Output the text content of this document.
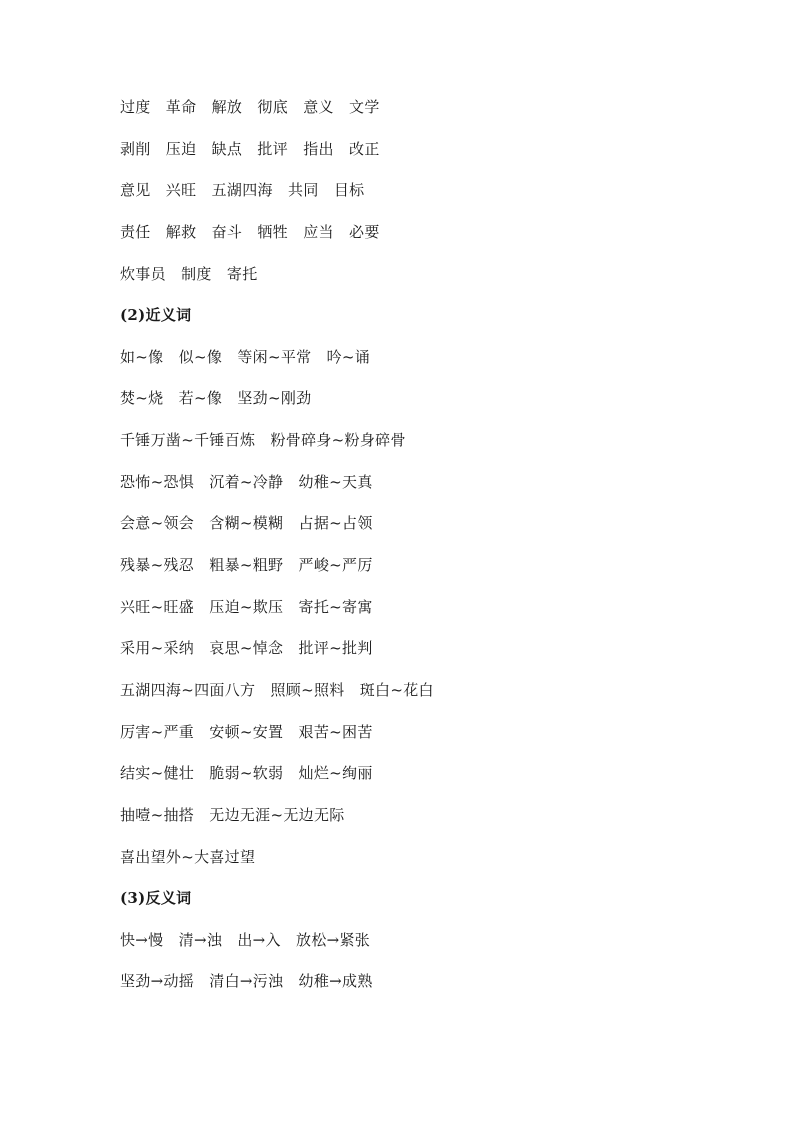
过度   革命   解放   彻底   意义   文学
剥削   压迫   缺点   批评   指出   改正
意见   兴旺   五湖四海   共同   目标
责任   解救   奋斗   牺牲   应当   必要
炊事员   制度   寄托
(2)近义词
如~像   似~像   等闲~平常   吟~诵
焚~烧   若~像   坚劲~刚劲
千锤万凿~千锤百炼   粉骨碎身~粉身碎骨
恐怖~恐惧   沉着~冷静   幼稚~天真
会意~领会   含糊~模糊   占据~占领
残暴~残忍   粗暴~粗野   严峻~严厉
兴旺~旺盛   压迫~欺压   寄托~寄寓
采用~采纳   哀思~悼念   批评~批判
五湖四海~四面八方   照顾~照料   斑白~花白
厉害~严重   安顿~安置   艰苦~困苦
结实~健壮   脆弱~软弱   灿烂~绚丽
抽噎~抽搭   无边无涯~无边无际
喜出望外~大喜过望
(3)反义词
快→慢   清→浊   出→入   放松→紧张
坚劲→动摇   清白→污浊   幼稚→成熟
